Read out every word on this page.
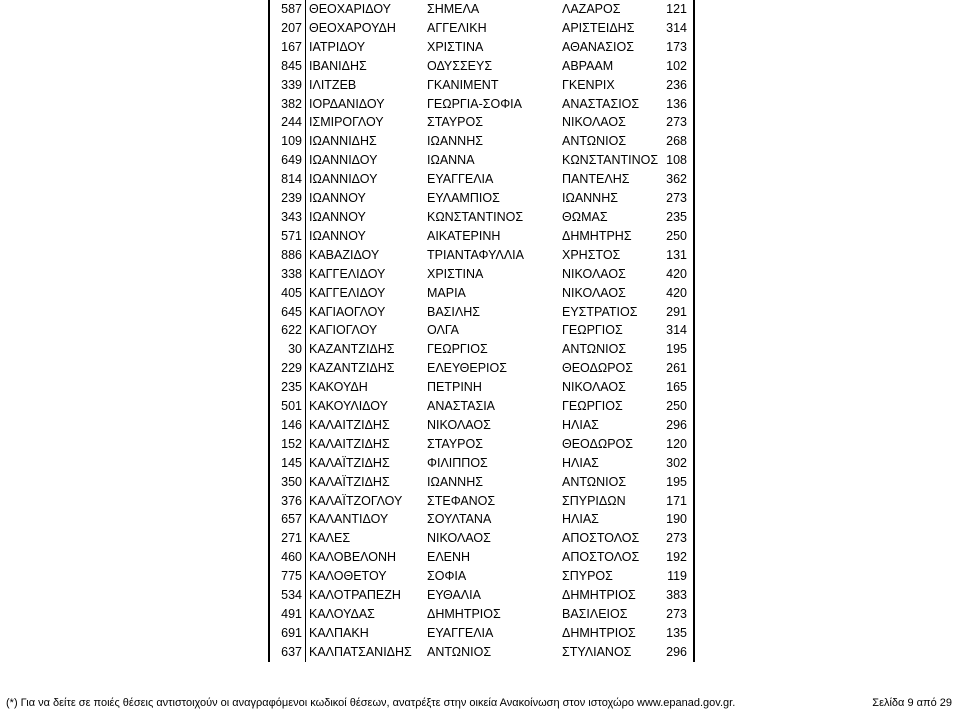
587	ΘΕΟΧΑΡΙΔΟΥ	ΣΗΜΕΛΑ	ΛΑΖΑΡΟΣ	121
207	ΘΕΟΧΑΡΟΥΔΗ	ΑΓΓΕΛΙΚΗ	ΑΡΙΣΤΕΙΔΗΣ	314
167	ΙΑΤΡΙΔΟΥ	ΧΡΙΣΤΙΝΑ	ΑΘΑΝΑΣΙΟΣ	173
845	ΙΒΑΝΙΔΗΣ	ΟΔΥΣΣΕΥΣ	ΑΒΡΑΑΜ	102
339	ΙΛΙΤΖΕΒ	ΓΚΑΝΙΜΕΝΤ	ΓΚΕΝΡΙΧ	236
382	ΙΟΡΔΑΝΙΔΟΥ	ΓΕΩΡΓΙΑ-ΣΟΦΙΑ	ΑΝΑΣΤΑΣΙΟΣ	136
244	ΙΣΜΙΡΟΓΛΟΥ	ΣΤΑΥΡΟΣ	ΝΙΚΟΛΑΟΣ	273
109	ΙΩΑΝΝΙΔΗΣ	ΙΩΑΝΝΗΣ	ΑΝΤΩΝΙΟΣ	268
649	ΙΩΑΝΝΙΔΟΥ	ΙΩΑΝΝΑ	ΚΩΝΣΤΑΝΤΙΝΟΣ	108
814	ΙΩΑΝΝΙΔΟΥ	ΕΥΑΓΓΕΛΙΑ	ΠΑΝΤΕΛΗΣ	362
239	ΙΩΑΝΝΟΥ	ΕΥΛΑΜΠΙΟΣ	ΙΩΑΝΝΗΣ	273
343	ΙΩΑΝΝΟΥ	ΚΩΝΣΤΑΝΤΙΝΟΣ	ΘΩΜΑΣ	235
571	ΙΩΑΝΝΟΥ	ΑΙΚΑΤΕΡΙΝΗ	ΔΗΜΗΤΡΗΣ	250
886	ΚΑΒΑΖΙΔΟΥ	ΤΡΙΑΝΤΑΦΥΛΛΙΑ	ΧΡΗΣΤΟΣ	131
338	ΚΑΓΓΕΛΙΔΟΥ	ΧΡΙΣΤΙΝΑ	ΝΙΚΟΛΑΟΣ	420
405	ΚΑΓΓΕΛΙΔΟΥ	ΜΑΡΙΑ	ΝΙΚΟΛΑΟΣ	420
645	ΚΑΓΙΑΟΓΛΟΥ	ΒΑΣΙΛΗΣ	ΕΥΣΤΡΑΤΙΟΣ	291
622	ΚΑΓΙΟΓΛΟΥ	ΟΛΓΑ	ΓΕΩΡΓΙΟΣ	314
30	ΚΑΖΑΝΤΖΙΔΗΣ	ΓΕΩΡΓΙΟΣ	ΑΝΤΩΝΙΟΣ	195
229	ΚΑΖΑΝΤΖΙΔΗΣ	ΕΛΕΥΘΕΡΙΟΣ	ΘΕΟΔΩΡΟΣ	261
235	ΚΑΚΟΥΔΗ	ΠΕΤΡΙΝΗ	ΝΙΚΟΛΑΟΣ	165
501	ΚΑΚΟΥΛΙΔΟΥ	ΑΝΑΣΤΑΣΙΑ	ΓΕΩΡΓΙΟΣ	250
146	ΚΑΛΑΙΤΖΙΔΗΣ	ΝΙΚΟΛΑΟΣ	ΗΛΙΑΣ	296
152	ΚΑΛΑΙΤΖΙΔΗΣ	ΣΤΑΥΡΟΣ	ΘΕΟΔΩΡΟΣ	120
145	ΚΑΛΑΪΤΖΙΔΗΣ	ΦΙΛΙΠΠΟΣ	ΗΛΙΑΣ	302
350	ΚΑΛΑΪΤΖΙΔΗΣ	ΙΩΑΝΝΗΣ	ΑΝΤΩΝΙΟΣ	195
376	ΚΑΛΑΪΤΖΟΓΛΟΥ	ΣΤΕΦΑΝΟΣ	ΣΠΥΡΙΔΩΝ	171
657	ΚΑΛΑΝΤΙΔΟΥ	ΣΟΥΛΤΑΝΑ	ΗΛΙΑΣ	190
271	ΚΑΛΕΣ	ΝΙΚΟΛΑΟΣ	ΑΠΟΣΤΟΛΟΣ	273
460	ΚΑΛΟΒΕΛΟΝΗ	ΕΛΕΝΗ	ΑΠΟΣΤΟΛΟΣ	192
775	ΚΑΛΟΘΕΤΟΥ	ΣΟΦΙΑ	ΣΠΥΡΟΣ	119
534	ΚΑΛΟΤΡΑΠΕΖΗ	ΕΥΘΑΛΙΑ	ΔΗΜΗΤΡΙΟΣ	383
491	ΚΑΛΟΥΔΑΣ	ΔΗΜΗΤΡΙΟΣ	ΒΑΣΙΛΕΙΟΣ	273
691	ΚΑΛΠΑΚΗ	ΕΥΑΓΓΕΛΙΑ	ΔΗΜΗΤΡΙΟΣ	135
637	ΚΑΛΠΑΤΣΑΝΙΔΗΣ	ΑΝΤΩΝΙΟΣ	ΣΤΥΛΙΑΝΟΣ	296
(*) Για να δείτε σε ποιές θέσεις αντιστοιχούν οι αναγραφόμενοι κωδικοί θέσεων, ανατρέξτε στην οικεία Ανακοίνωση στον ιστοχώρο www.epanad.gov.gr.	Σελίδα 9 από 29
